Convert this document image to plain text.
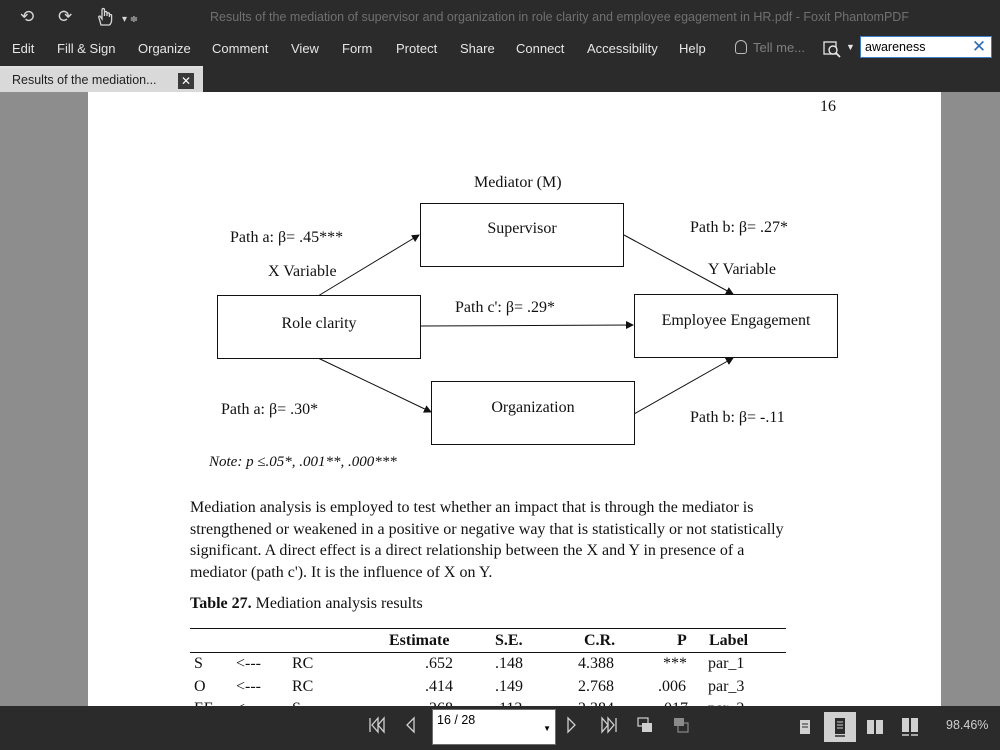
⟲ ⟳	▾ ≑	Results of the mediation of supervisor and organization in role clarity and employee egagement in HR.pdf - Foxit PhantomPDF
Edit Fill & Sign Organize Comment View Form Protect Share Connect Accessibility Help	Tell me...	▼
awareness	✕
Results of the mediation... ✕
16
Mediator (M)
Path a: β= .45***
Path b: β= .27*
X Variable	Y Variable
Path c': β= .29*
Path a: β= .30*	Path b: β= -.11
Supervisor
Role clarity	Employee Engagement
Organization
Note: p ≤.05*, .001**, .000***
Mediation analysis is employed to test whether an impact that is through the mediator is
strengthened or weakened in a positive or negative way that is statistically or not statistically
significant. A direct effect is a direct relationship between the X and Y in presence of a
mediator (path c'). It is the influence of X on Y.
Table 27. Mediation analysis results
Estimate	S.E.	C.R.	P Label
S <--- RC	.652	.148	4.388	*** par_1
O <--- RC	.414	.149	2.768	.006 par_3
16 / 28
▼	98.46%
